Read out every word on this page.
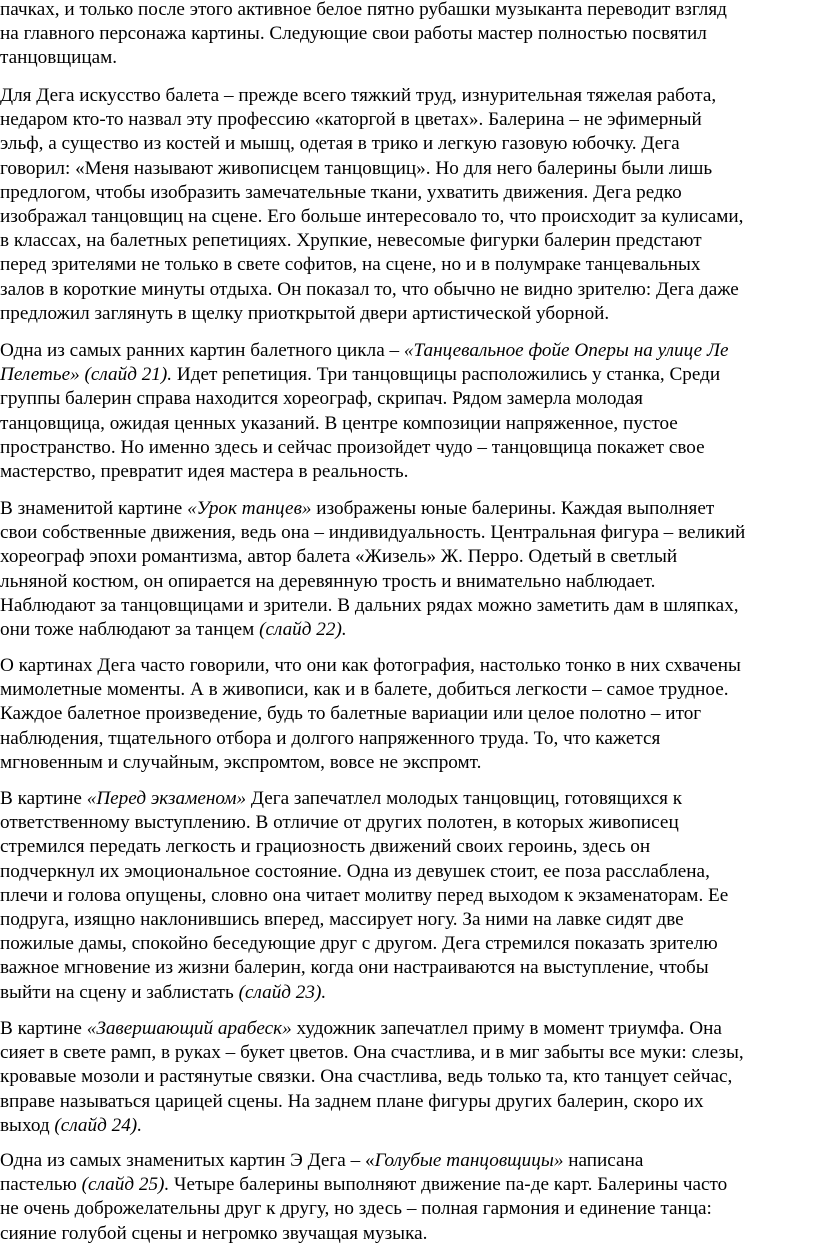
пачках, и только после этого активное белое пятно рубашки музыканта переводит взгляд
на главного персонажа картины. Следующие свои работы мастер полностью посвятил
танцовщицам.
Для Дега искусство балета – прежде всего тяжкий труд, изнурительная тяжелая работа,
недаром кто-то назвал эту профессию «каторгой в цветах». Балерина – не эфимерный
эльф, а существо из костей и мышц, одетая в трико и легкую газовую юбочку. Дега
говорил: «Меня называют живописцем танцовщиц». Но для него балерины были лишь
предлогом, чтобы изобразить замечательные ткани, ухватить движения. Дега редко
изображал танцовщиц на сцене. Его больше интересовало то, что происходит за кулисами,
в классах, на балетных репетициях. Хрупкие, невесомые фигурки балерин предстают
перед зрителями не только в свете софитов, на сцене, но и в полумраке танцевальных
залов в короткие минуты отдыха. Он показал то, что обычно не видно зрителю: Дега даже
предложил заглянуть в щелку приоткрытой двери артистической уборной.
Одна из самых ранних картин балетного цикла – «Танцевальное фойе Оперы на улице Ле
Пелетье» (слайд 21). Идет репетиция. Три танцовщицы расположились у станка, Среди
группы балерин справа находится хореограф, скрипач. Рядом замерла молодая
танцовщица, ожидая ценных указаний. В центре композиции напряженное, пустое
пространство. Но именно здесь и сейчас произойдет чудо – танцовщица покажет свое
мастерство, превратит идея мастера в реальность.
В знаменитой картине «Урок танцев» изображены юные балерины. Каждая выполняет
свои собственные движения, ведь она – индивидуальность. Центральная фигура – великий
хореограф эпохи романтизма, автор балета «Жизель» Ж. Перро. Одетый в светлый
льняной костюм, он опирается на деревянную трость и внимательно наблюдает.
Наблюдают за танцовщицами и зрители. В дальних рядах можно заметить дам в шляпках,
они тоже наблюдают за танцем (слайд 22).
О картинах Дега часто говорили, что они как фотография, настолько тонко в них схвачены
мимолетные моменты. А в живописи, как и в балете, добиться легкости – самое трудное.
Каждое балетное произведение, будь то балетные вариации или целое полотно – итог
наблюдения, тщательного отбора и долгого напряженного труда. То, что кажется
мгновенным и случайным, экспромтом, вовсе не экспромт.
В картине «Перед экзаменом» Дега запечатлел молодых танцовщиц, готовящихся к
ответственному выступлению. В отличие от других полотен, в которых живописец
стремился передать легкость и грациозность движений своих героинь, здесь он
подчеркнул их эмоциональное состояние. Одна из девушек стоит, ее поза расслаблена,
плечи и голова опущены, словно она читает молитву перед выходом к экзаменаторам. Ее
подруга, изящно наклонившись вперед, массирует ногу. За ними на лавке сидят две
пожилые дамы, спокойно беседующие друг с другом. Дега стремился показать зрителю
важное мгновение из жизни балерин, когда они настраиваются на выступление, чтобы
выйти на сцену и заблистать (слайд 23).
В картине «Завершающий арабеск» художник запечатлел приму в момент триумфа. Она
сияет в свете рамп, в руках – букет цветов. Она счастлива, и в миг забыты все муки: слезы,
кровавые мозоли и растянутые связки. Она счастлива, ведь только та, кто танцует сейчас,
вправе называться царицей сцены. На заднем плане фигуры других балерин, скоро их
выход (слайд 24).
Одна из самых знаменитых картин Э Дега – «Голубые танцовщицы» написана
пастелью (слайд 25). Четыре балерины выполняют движение па-де карт. Балерины часто
не очень доброжелательны друг к другу, но здесь – полная гармония и единение танца:
сияние голубой сцены и негромко звучащая музыка.
